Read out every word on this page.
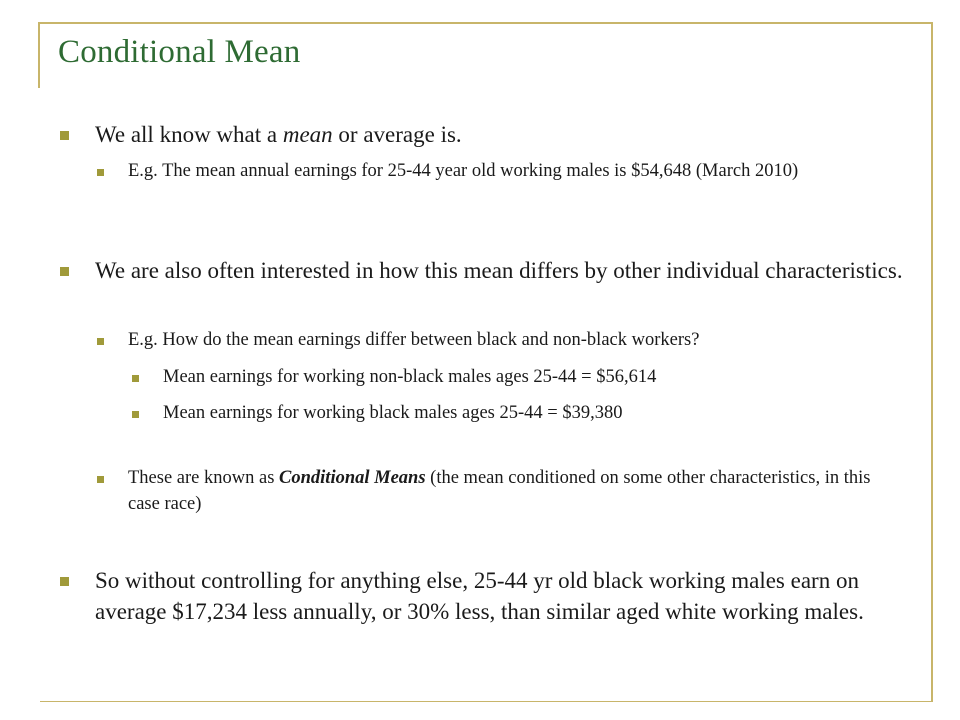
Conditional Mean
We all know what a mean or average is.
E.g. The mean annual earnings for 25-44 year old working males is $54,648 (March 2010)
We are also often interested in how this mean differs by other individual characteristics.
E.g. How do the mean earnings differ between black and non-black workers?
Mean earnings for working non-black males ages 25-44 = $56,614
Mean earnings for working black males ages 25-44 = $39,380
These are known as Conditional Means (the mean conditioned on some other characteristics, in this case race)
So without controlling for anything else, 25-44 yr old black working males earn on average $17,234 less annually, or 30% less, than similar aged white working males.
